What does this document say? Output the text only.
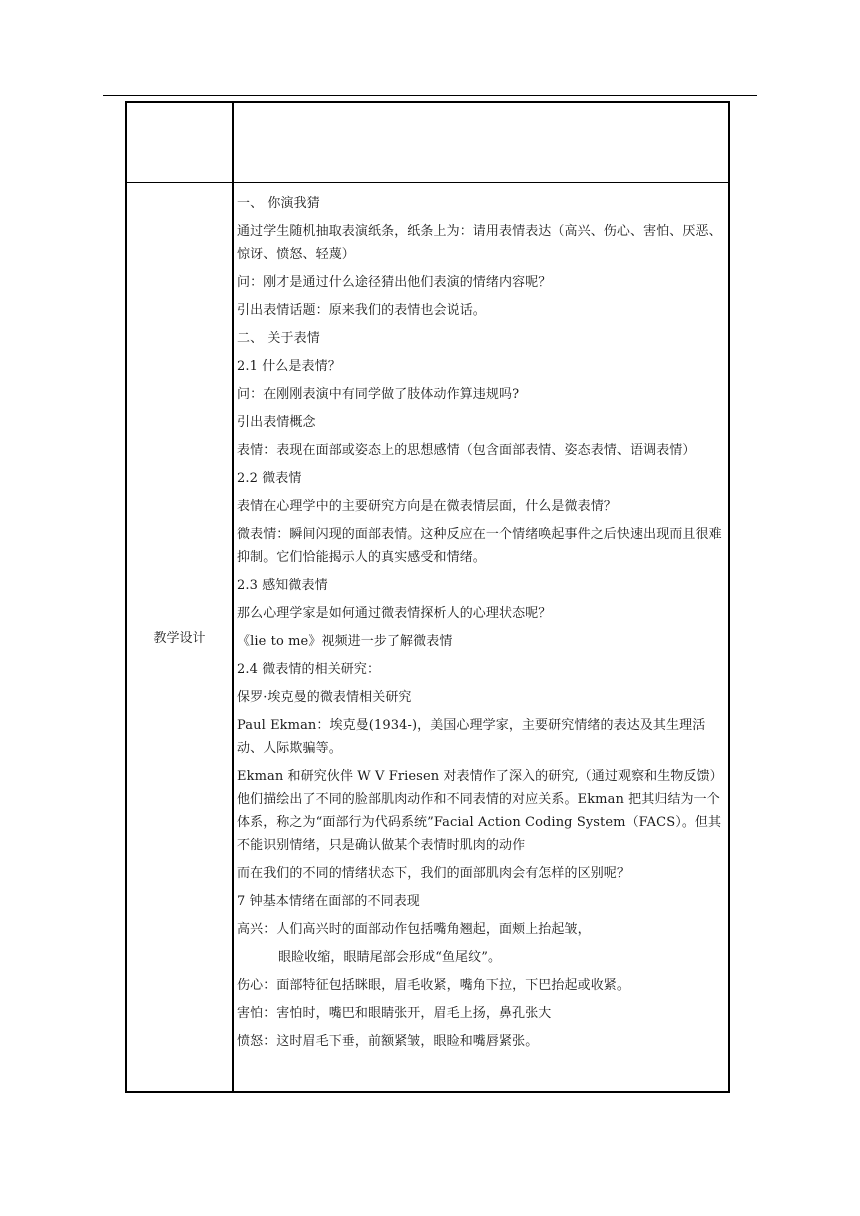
教学设计

一、 你演我猜

通过学生随机抽取表演纸条，纸条上为：请用表情表达（高兴、伤心、害怕、厌恶、惊讶、愤怒、轻蔑）

问：刚才是通过什么途径猜出他们表演的情绪内容呢？

引出表情话题：原来我们的表情也会说话。

二、 关于表情

2.1 什么是表情？

问：在刚刚表演中有同学做了肢体动作算违规吗?

引出表情概念

表情：表现在面部或姿态上的思想感情（包含面部表情、姿态表情、语调表情）

2.2 微表情

表情在心理学中的主要研究方向是在微表情层面，什么是微表情？

微表情：瞬间闪现的面部表情。这种反应在一个情绪唤起事件之后快速出现而且很难抑制。它们恰能揭示人的真实感受和情绪。

2.3 感知微表情

那么心理学家是如何通过微表情探析人的心理状态呢？

《lie to me》视频进一步了解微表情

2.4 微表情的相关研究：

保罗·埃克曼的微表情相关研究

Paul Ekman：埃克曼(1934-)，美国心理学家，主要研究情绪的表达及其生理活动、人际欺骗等。

Ekman 和研究伙伴 W V Friesen 对表情作了深入的研究,（通过观察和生物反馈）他们描绘出了不同的脸部肌肉动作和不同表情的对应关系。Ekman 把其归结为一个体系，称之为“面部行为代码系统”Facial Action Coding System（FACS）。但其不能识别情绪，只是确认做某个表情时肌肉的动作

而在我们的不同的情绪状态下，我们的面部肌肉会有怎样的区别呢？

7 钟基本情绪在面部的不同表现

高兴：人们高兴时的面部动作包括嘴角翘起，面颊上抬起皱，

眼睑收缩，眼睛尾部会形成“鱼尾纹”。

伤心：面部特征包括眯眼，眉毛收紧，嘴角下拉，下巴抬起或收紧。

害怕：害怕时，嘴巴和眼睛张开，眉毛上扬，鼻孔张大

愤怒：这时眉毛下垂，前额紧皱，眼睑和嘴唇紧张。
